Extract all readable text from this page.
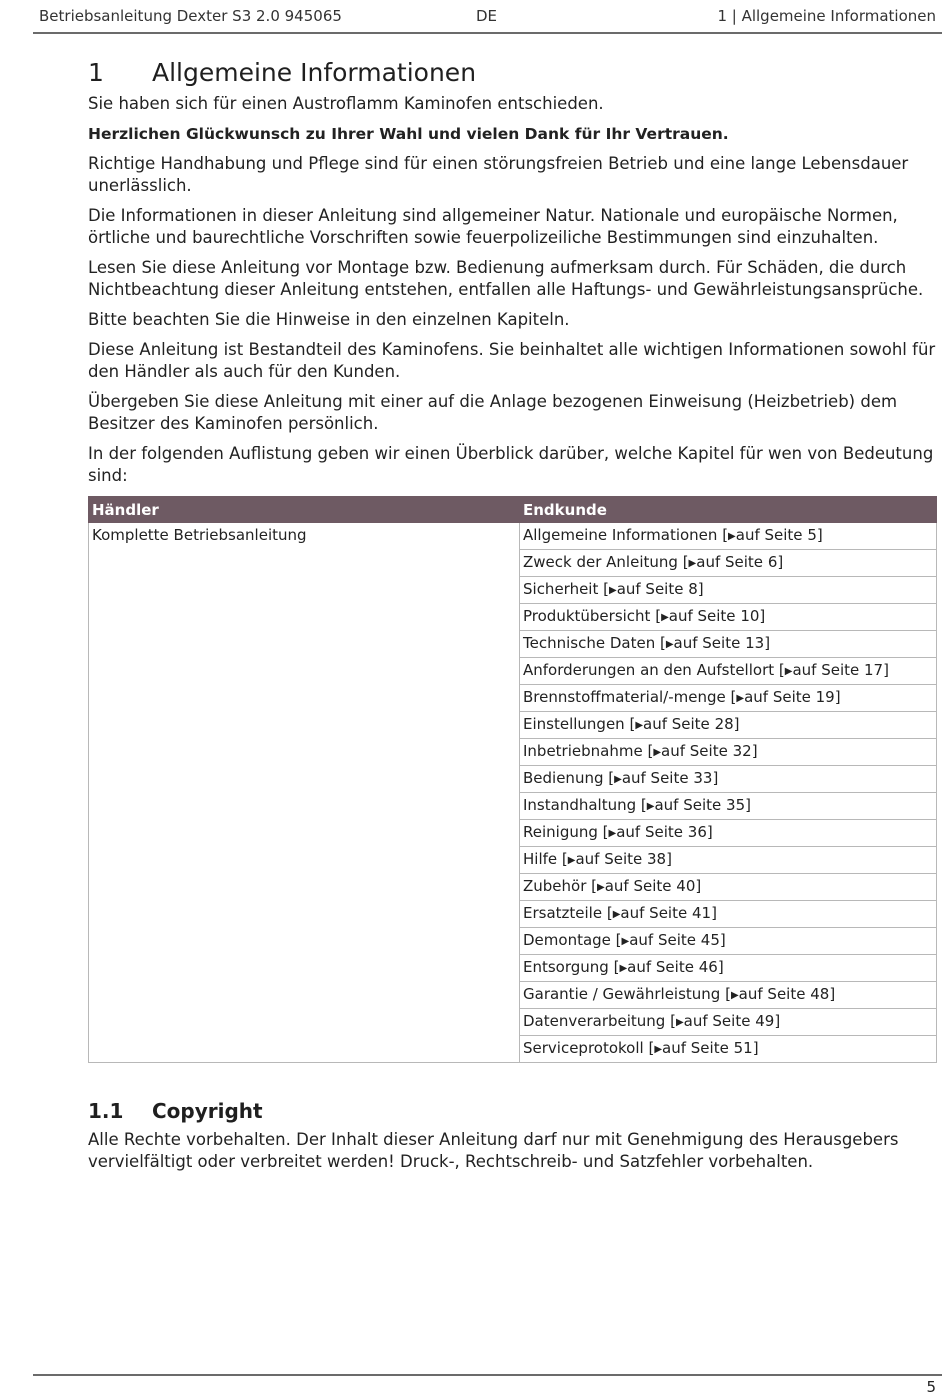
Betriebsanleitung Dexter S3 2.0 945065	DE	1 | Allgemeine Informationen
1	Allgemeine Informationen

Sie haben sich für einen Austroflamm Kaminofen entschieden.

Herzlichen Glückwunsch zu Ihrer Wahl und vielen Dank für Ihr Vertrauen.

Richtige Handhabung und Pflege sind für einen störungsfreien Betrieb und eine lange Lebensdauer unerlässlich.

Die Informationen in dieser Anleitung sind allgemeiner Natur. Nationale und europäische Normen, örtliche und baurechtliche Vorschriften sowie feuerpolizeiliche Bestimmungen sind einzuhalten.

Lesen Sie diese Anleitung vor Montage bzw. Bedienung aufmerksam durch. Für Schäden, die durch Nichtbeachtung dieser Anleitung entstehen, entfallen alle Haftungs- und Gewährleistungsansprüche.

Bitte beachten Sie die Hinweise in den einzelnen Kapiteln.

Diese Anleitung ist Bestandteil des Kaminofens. Sie beinhaltet alle wichtigen Informationen sowohl für den Händler als auch für den Kunden.

Übergeben Sie diese Anleitung mit einer auf die Anlage bezogenen Einweisung (Heizbetrieb) dem Besitzer des Kaminofen persönlich.

In der folgenden Auflistung geben wir einen Überblick darüber, welche Kapitel für wen von Bedeutung sind:

Händler	Endkunde
Komplette Betriebsanleitung	Allgemeine Informationen [▶auf Seite 5]
	Zweck der Anleitung [▶auf Seite 6]
	Sicherheit [▶auf Seite 8]
	Produktübersicht [▶auf Seite 10]
	Technische Daten [▶auf Seite 13]
	Anforderungen an den Aufstellort [▶auf Seite 17]
	Brennstoffmaterial/-menge [▶auf Seite 19]
	Einstellungen [▶auf Seite 28]
	Inbetriebnahme [▶auf Seite 32]
	Bedienung [▶auf Seite 33]
	Instandhaltung [▶auf Seite 35]
	Reinigung [▶auf Seite 36]
	Hilfe [▶auf Seite 38]
	Zubehör [▶auf Seite 40]
	Ersatzteile [▶auf Seite 41]
	Demontage [▶auf Seite 45]
	Entsorgung [▶auf Seite 46]
	Garantie / Gewährleistung [▶auf Seite 48]
	Datenverarbeitung [▶auf Seite 49]
	Serviceprotokoll [▶auf Seite 51]
1.1	Copyright

Alle Rechte vorbehalten. Der Inhalt dieser Anleitung darf nur mit Genehmigung des Herausgebers vervielfältigt oder verbreitet werden! Druck-, Rechtschreib- und Satzfehler vorbehalten.

5
